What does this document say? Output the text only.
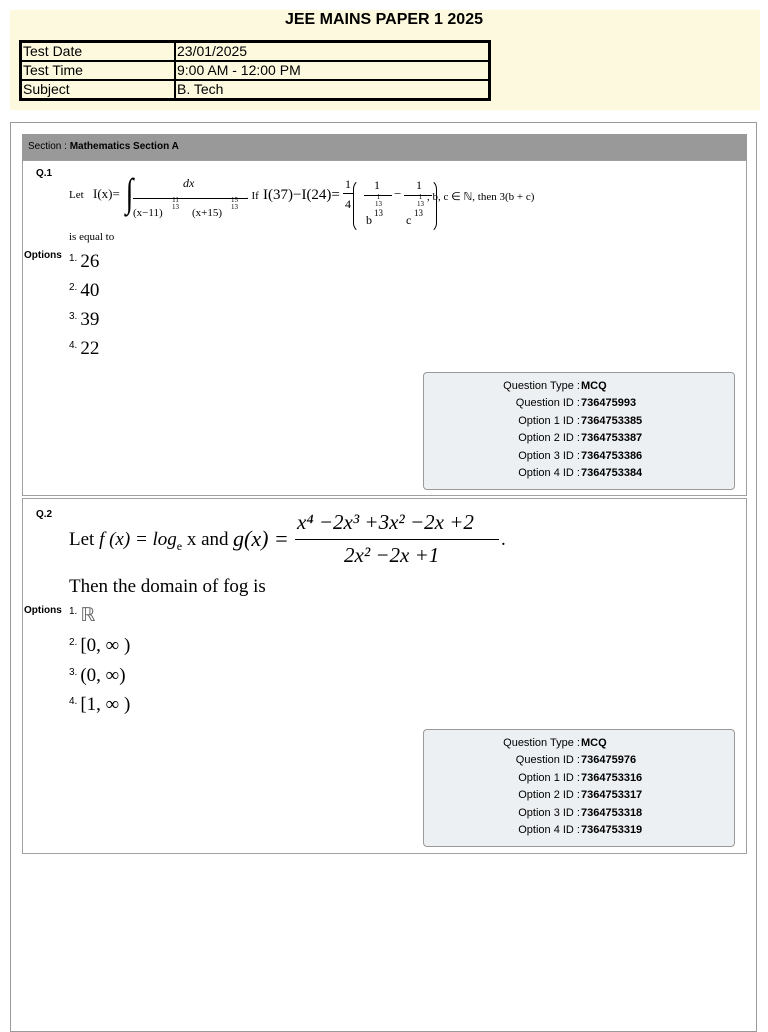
JEE MAINS PAPER 1 2025
Test Date	23/01/2025
Test Time	9:00 AM - 12:00 PM
Subject	B. Tech
Section : Mathematics Section A
Q.1
Let I(x)= ∫	dx
(x−11)
11
13 (x+15)
15
13
. If I(37)−I(24)=
1
4
1
1
13
b 13
−
1
1
13
c 13
, b, c ∈ ℕ, then 3(b + c)
is equal to
Options $^{1.}$ 26
$^{2.}$ 40
$^{3.}$ 39
$^{4.}$ 22
Question Type : MCQ
Question ID : 736475993
Option 1 ID : 7364753385
Option 2 ID : 7364753387
Option 3 ID : 7364753386
Option 4 ID : 7364753384
Q.2
Let f $(x) = \log_e x$ and g(x) =
x⁴ −2x³ +3x² −2x +2
2x² −2x +1
.
Then the domain of fog is
Options $^{1.}$ ℝ
$^{2.}$ [0, ∞ )
$^{3.}$ (0, ∞)
$^{4.}$ [1, ∞ )
Question Type : MCQ
Question ID : 736475976
Option 1 ID : 7364753316
Option 2 ID : 7364753317
Option 3 ID : 7364753318
Option 4 ID : 7364753319
